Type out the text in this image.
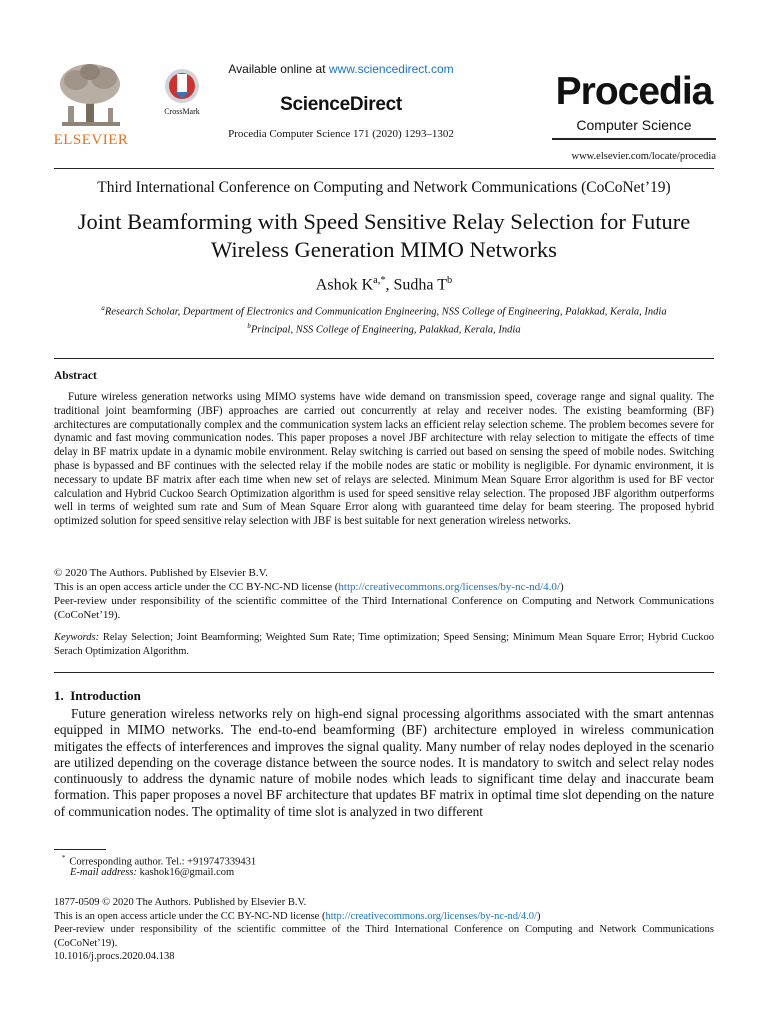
ELSEVIER
CrossMark
Available online at www.sciencedirect.com
ScienceDirect
Procedia Computer Science 171 (2020) 1293–1302
Procedia
Computer Science
www.elsevier.com/locate/procedia
Third International Conference on Computing and Network Communications (CoCoNet’19)
Joint Beamforming with Speed Sensitive Relay Selection for Future
Wireless Generation MIMO Networks
Ashok $K^{a,*}$, Sudha $T^b$
$^a$Research Scholar, Department of Electronics and Communication Engineering, NSS College of Engineering, Palakkad, Kerala, India
$^b$Principal, NSS College of Engineering, Palakkad, Kerala, India
Abstract
Future wireless generation networks using MIMO systems have wide demand on transmission speed, coverage range and signal quality. The traditional joint beamforming (JBF) approaches are carried out concurrently at relay and receiver nodes. The existing beamforming (BF) architectures are computationally complex and the communication system lacks an efficient relay selection scheme. The problem becomes severe for dynamic and fast moving communication nodes. This paper proposes a novel JBF architecture with relay selection to mitigate the effects of time delay in BF matrix update in a dynamic mobile environment. Relay switching is carried out based on sensing the speed of mobile nodes. Switching phase is bypassed and BF continues with the selected relay if the mobile nodes are static or mobility is negligible. For dynamic environment, it is necessary to update BF matrix after each time when new set of relays are selected. Minimum Mean Square Error algorithm is used for BF vector calculation and Hybrid Cuckoo Search Optimization algorithm is used for speed sensitive relay selection. The proposed JBF algorithm outperforms well in terms of weighted sum rate and Sum of Mean Square Error along with guaranteed time delay for beam steering. The proposed hybrid optimized solution for speed sensitive relay selection with JBF is best suitable for next generation wireless networks.
© 2020 The Authors. Published by Elsevier B.V.
This is an open access article under the CC BY-NC-ND license (http://creativecommons.org/licenses/by-nc-nd/4.0/)
Peer-review under responsibility of the scientific committee of the Third International Conference on Computing and Network Communications (CoCoNet’19).
Keywords: Relay Selection; Joint Beamforming; Weighted Sum Rate; Time optimization; Speed Sensing; Minimum Mean Square Error; Hybrid Cuckoo Serach Optimization Algorithm.
1.  Introduction
Future generation wireless networks rely on high-end signal processing algorithms associated with the smart antennas equipped in MIMO networks. The end-to-end beamforming (BF) architecture employed in wireless communication mitigates the effects of interferences and improves the signal quality. Many number of relay nodes deployed in the scenario are utilized depending on the coverage distance between the source nodes. It is mandatory to switch and select relay nodes continuously to address the dynamic nature of mobile nodes which leads to significant time delay and inaccurate beam formation. This paper proposes a novel BF architecture that updates BF matrix in optimal time slot depending on the nature of communication nodes. The optimality of time slot is analyzed in two different
* Corresponding author. Tel.: +919747339431
E-mail address: kashok16@gmail.com
1877-0509 © 2020 The Authors. Published by Elsevier B.V.
This is an open access article under the CC BY-NC-ND license (http://creativecommons.org/licenses/by-nc-nd/4.0/)
Peer-review under responsibility of the scientific committee of the Third International Conference on Computing and Network Communications (CoCoNet’19).
10.1016/j.procs.2020.04.138
